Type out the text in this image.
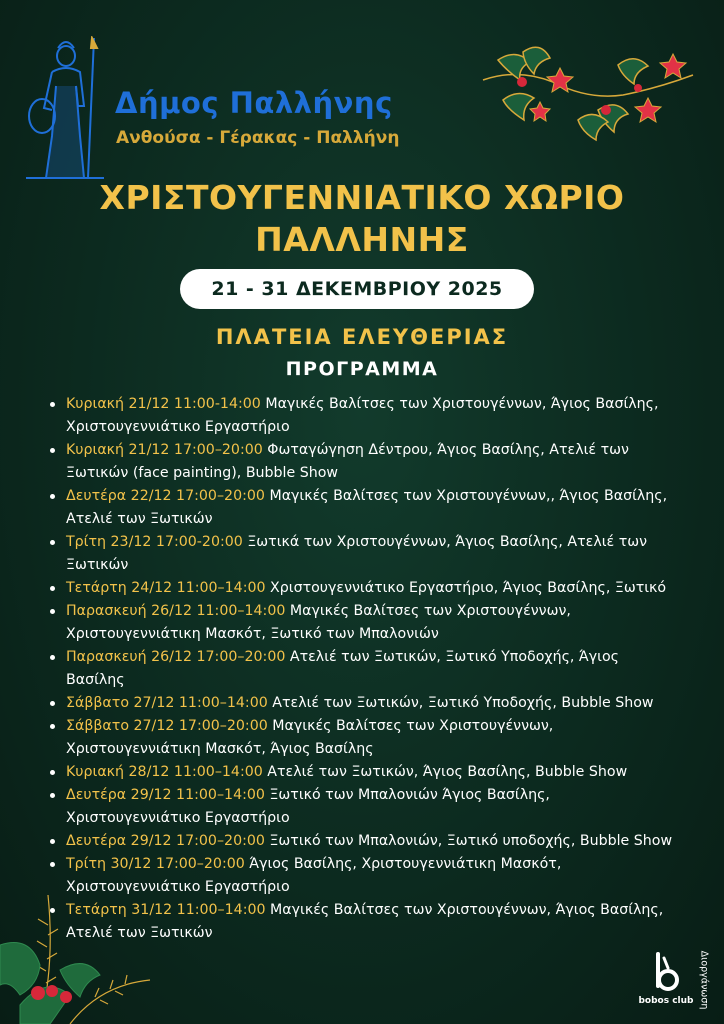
Δήμος Παλλήνης
Ανθούσα - Γέρακας - Παλλήνη
ΧΡΙΣΤΟΥΓΕΝΝΙΑΤΙΚΟ ΧΩΡΙΟ
ΠΑΛΛΗΝΗΣ
21 - 31 ΔΕΚΕΜΒΡΙΟΥ 2025
ΠΛΑΤΕΙΑ ΕΛΕΥΘΕΡΙΑΣ
ΠΡΟΓΡΑΜΜΑ
Κυριακή 21/12 11:00-14:00 Μαγικές Βαλίτσες των Χριστουγέννων, Άγιος Βασίλης, Χριστουγεννιάτικο Εργαστήριο
Κυριακή 21/12 17:00–20:00 Φωταγώγηση Δέντρου, Άγιος Βασίλης, Ατελιέ των Ξωτικών (face painting), Bubble Show
Δευτέρα 22/12 17:00–20:00 Μαγικές Βαλίτσες των Χριστουγέννων,, Άγιος Βασίλης, Ατελιέ των Ξωτικών
Τρίτη 23/12 17:00-20:00 Ξωτικά των Χριστουγέννων, Άγιος Βασίλης, Ατελιέ των Ξωτικών
Τετάρτη 24/12 11:00–14:00 Χριστουγεννιάτικο Εργαστήριο, Άγιος Βασίλης, Ξωτικό
Παρασκευή 26/12 11:00–14:00 Μαγικές Βαλίτσες των Χριστουγέννων, Χριστουγεννιάτικη Μασκότ, Ξωτικό των Μπαλονιών
Παρασκευή 26/12 17:00–20:00 Ατελιέ των Ξωτικών, Ξωτικό Υποδοχής, Άγιος Βασίλης
Σάββατο 27/12 11:00–14:00 Ατελιέ των Ξωτικών, Ξωτικό Υποδοχής, Bubble Show
Σάββατο 27/12 17:00–20:00 Μαγικές Βαλίτσες των Χριστουγέννων, Χριστουγεννιάτικη Μασκότ, Άγιος Βασίλης
Κυριακή 28/12 11:00–14:00 Ατελιέ των Ξωτικών, Άγιος Βασίλης, Bubble Show
Δευτέρα 29/12 11:00–14:00 Ξωτικό των Μπαλονιών Άγιος Βασίλης, Χριστουγεννιάτικο Εργαστήριο
Δευτέρα 29/12 17:00–20:00 Ξωτικό των Μπαλονιών, Ξωτικό υποδοχής, Bubble Show
Τρίτη 30/12 17:00–20:00 Άγιος Βασίλης, Χριστουγεννιάτικη Μασκότ, Χριστουγεννιάτικο Εργαστήριο
Τετάρτη 31/12 11:00–14:00 Μαγικές Βαλίτσες των Χριστουγέννων, Άγιος Βασίλης, Ατελιέ των Ξωτικών
bobos club Διοργάνωση
